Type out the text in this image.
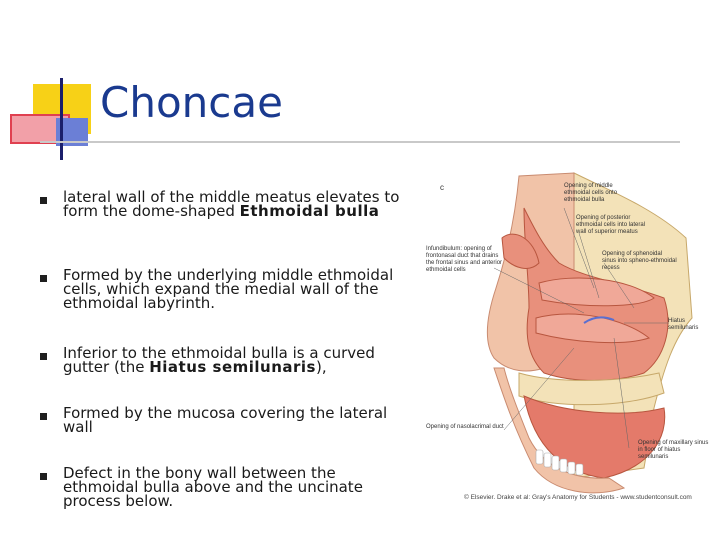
Choncae
lateral wall of the middle meatus elevates to form the dome-shaped Ethmoidal bulla
Formed by the underlying middle ethmoidal cells, which expand the medial wall of the ethmoidal labyrinth.
Inferior to the ethmoidal bulla is a curved gutter (the Hiatus semilunaris),
Formed by the mucosa covering the lateral wall
Defect in the bony wall between the ethmoidal bulla above and the uncinate process below.
c	Opening of middle ethmoidal cells onto ethmoidal bulla
Opening of posterior ethmoidal cells into lateral wall of superior meatus
Infundibulum: opening of frontonasal duct that drains the frontal sinus and anterior ethmoidal cells
Opening of sphenoidal sinus into spheno-ethmoidal recess
Hiatus semilunaris
Opening of nasolacrimal duct
Opening of maxillary sinus in floor of hiatus semilunaris
© Elsevier. Drake et al: Gray's Anatomy for Students - www.studentconsult.com
